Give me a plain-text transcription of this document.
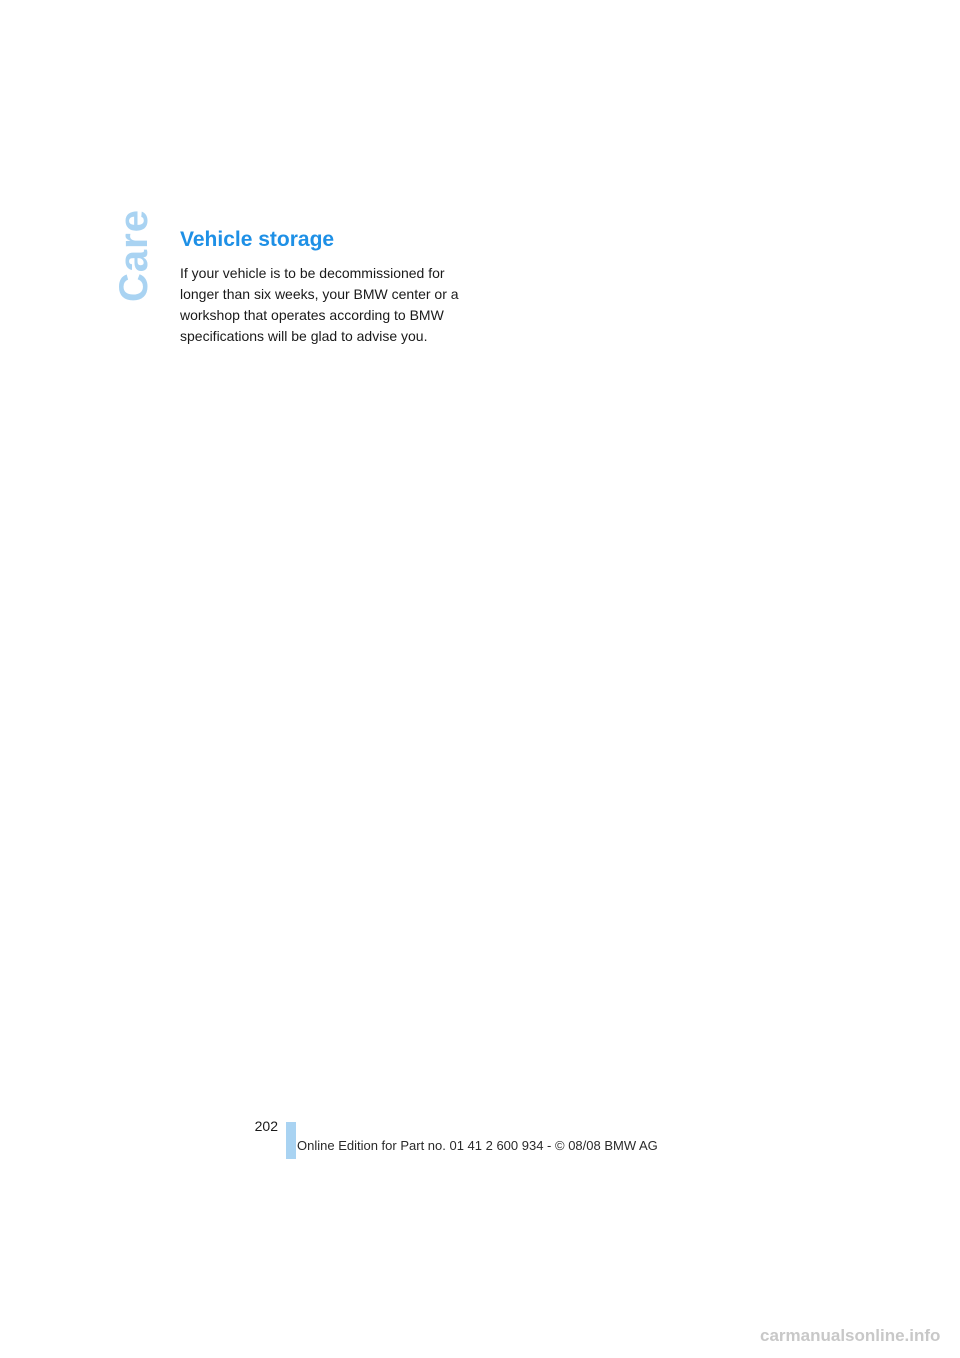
Care Vehicle storage

If your vehicle is to be decommissioned for longer than six weeks, your BMW center or a workshop that operates according to BMW specifications will be glad to advise you.

202
Online Edition for Part no. 01 41 2 600 934 - © 08/08 BMW AG
carmanualsonline.info
